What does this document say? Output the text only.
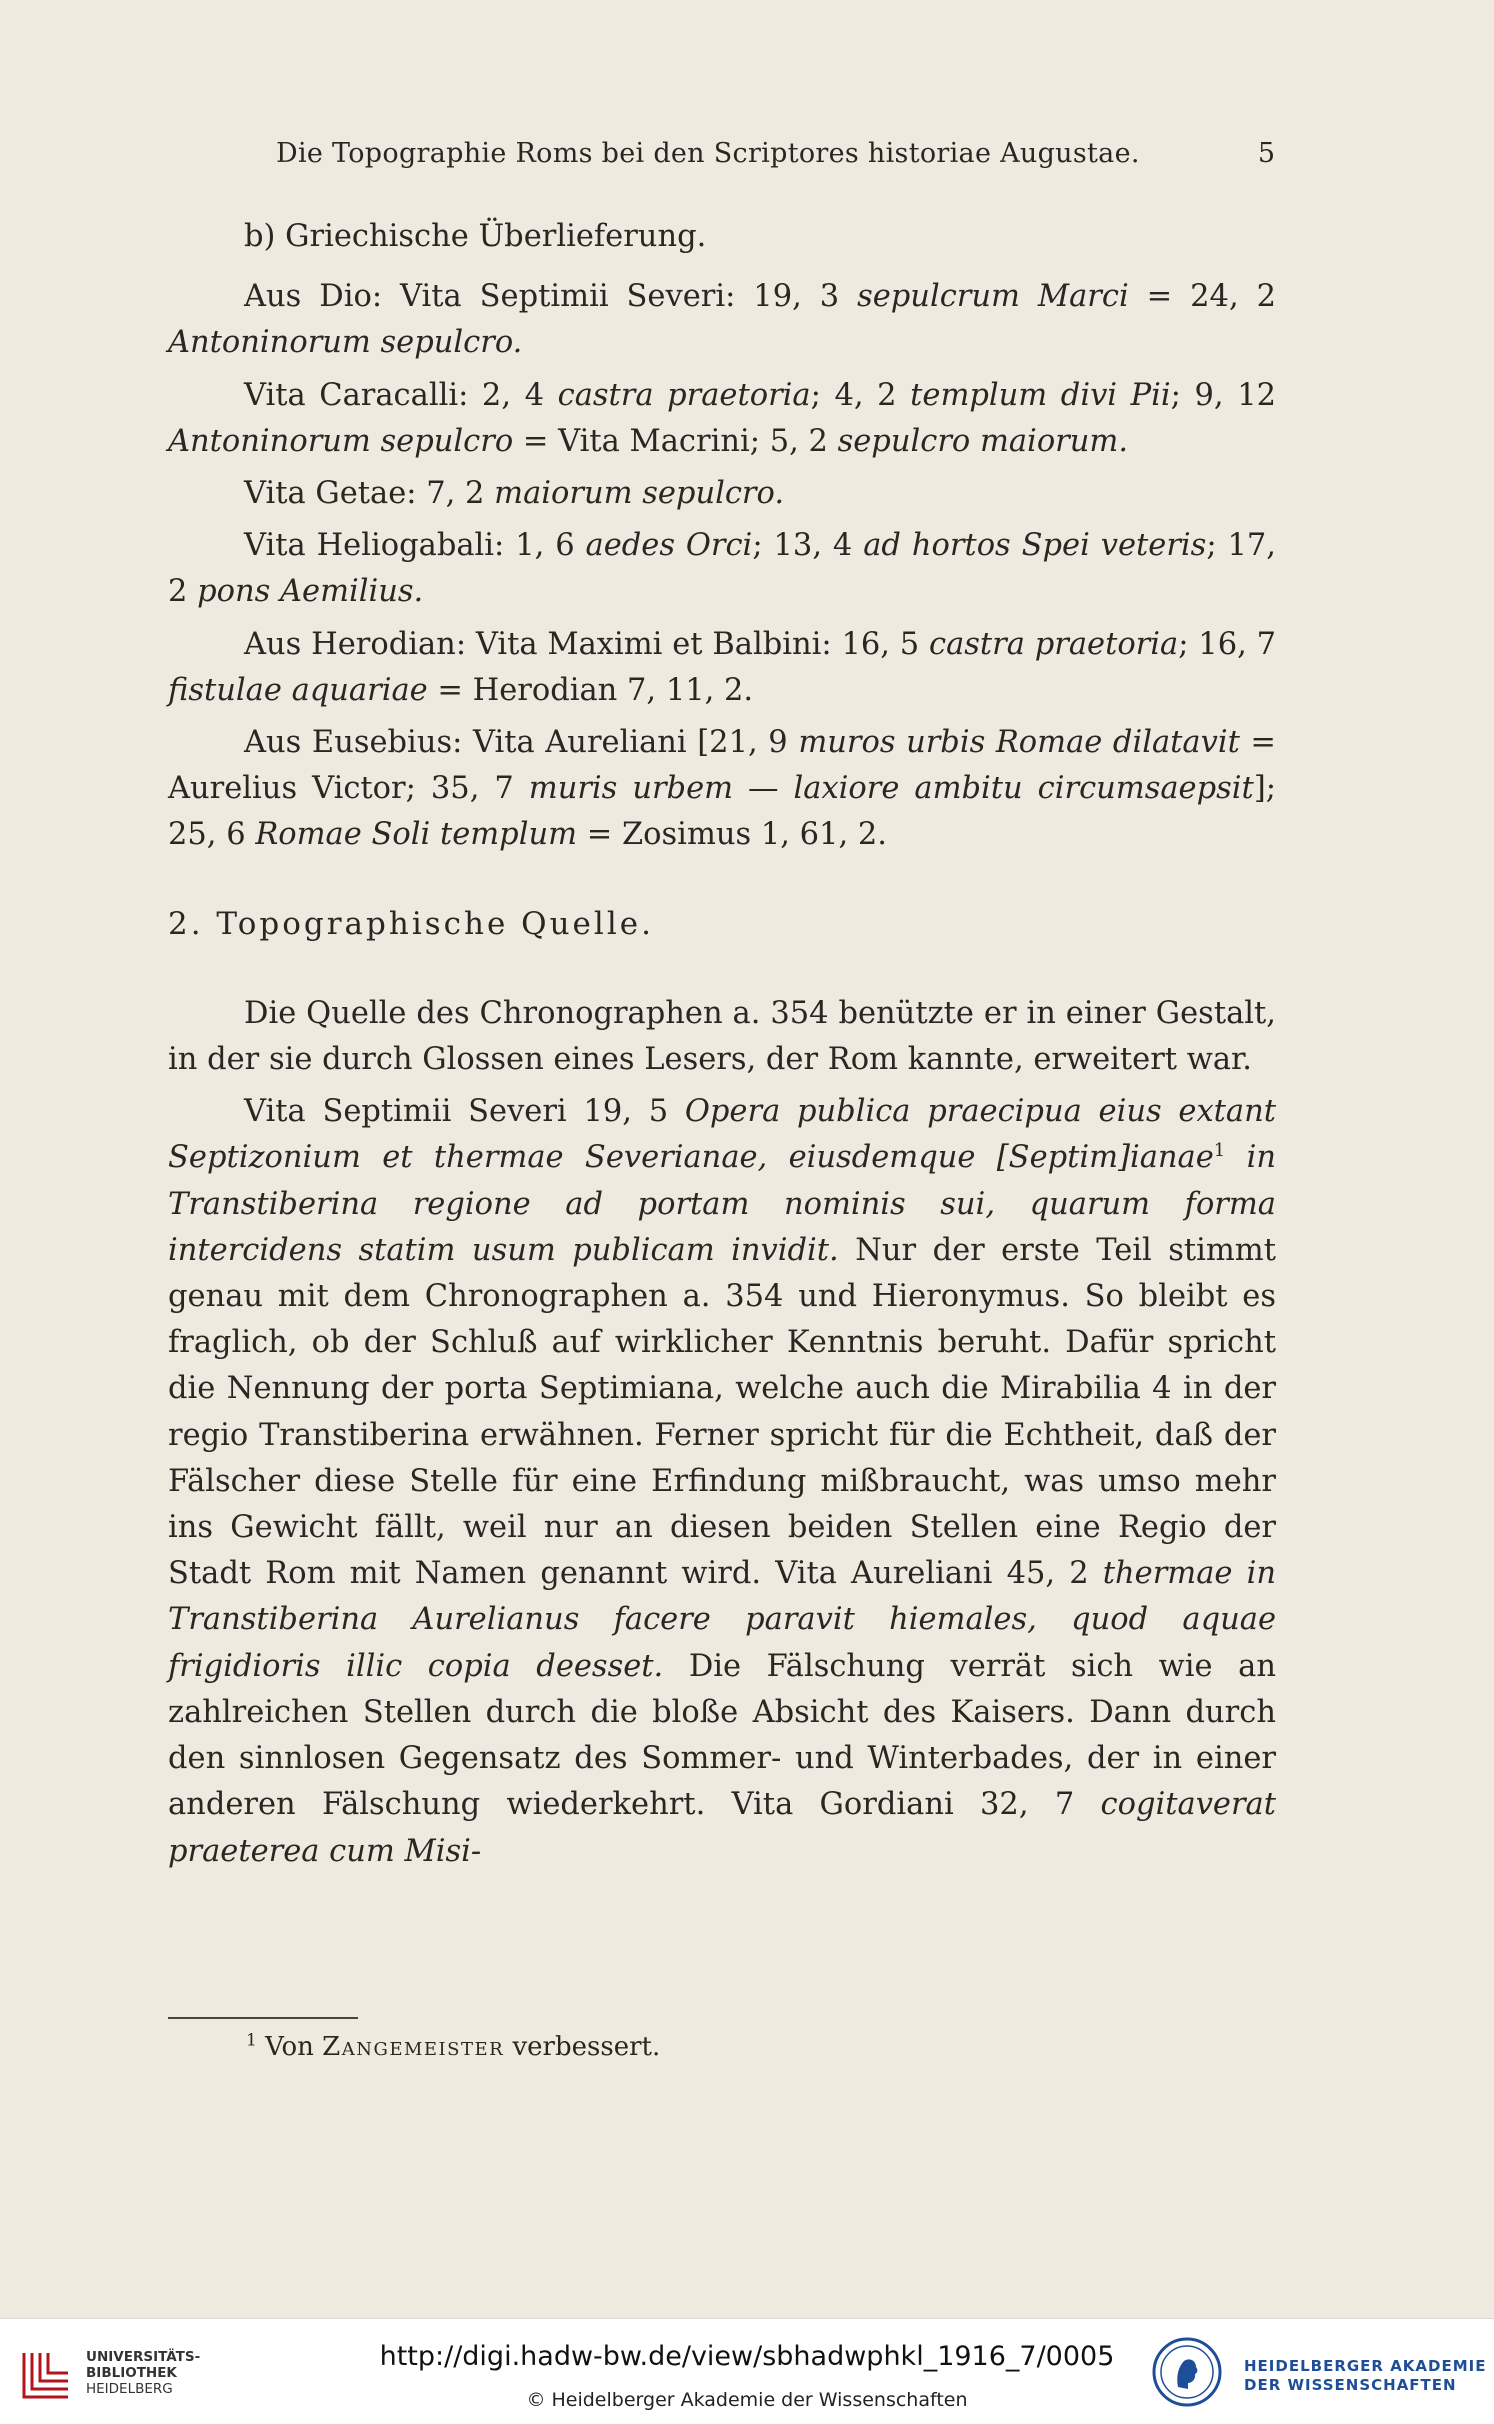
Die Topographie Roms bei den Scriptores historiae Augustae.	5

b) Griechische Überlieferung.

Aus Dio: Vita Septimii Severi: 19, 3 sepulcrum Marci = 24, 2 Antoninorum sepulcro.

Vita Caracalli: 2, 4 castra praetoria; 4, 2 templum divi Pii; 9, 12 Antoninorum sepulcro = Vita Macrini; 5, 2 sepulcro maiorum.

Vita Getae: 7, 2 maiorum sepulcro.

Vita Heliogabali: 1, 6 aedes Orci; 13, 4 ad hortos Spei veteris; 17, 2 pons Aemilius.

Aus Herodian: Vita Maximi et Balbini: 16, 5 castra praetoria; 16, 7 fistulae aquariae = Herodian 7, 11, 2.

Aus Eusebius: Vita Aureliani [21, 9 muros urbis Romae dilatavit = Aurelius Victor; 35, 7 muris urbem — laxiore ambitu circumsaepsit]; 25, 6 Romae Soli templum = Zosimus 1, 61, 2.

2. Topographische Quelle.

Die Quelle des Chronographen a. 354 benützte er in einer Gestalt, in der sie durch Glossen eines Lesers, der Rom kannte, erweitert war.

Vita Septimii Severi 19, 5 Opera publica praecipua eius extant Septizonium et thermae Severianae, eiusdemque [Septim]ianae$^1$ in Transtiberina regione ad portam nominis sui, quarum forma intercidens statim usum publicam invidit. Nur der erste Teil stimmt genau mit dem Chronographen a. 354 und Hieronymus. So bleibt es fraglich, ob der Schluß auf wirklicher Kenntnis beruht. Dafür spricht die Nennung der porta Septimiana, welche auch die Mirabilia 4 in der regio Transtiberina erwähnen. Ferner spricht für die Echtheit, daß der Fälscher diese Stelle für eine Erfindung mißbraucht, was umso mehr ins Gewicht fällt, weil nur an diesen beiden Stellen eine Regio der Stadt Rom mit Namen genannt wird. Vita Aureliani 45, 2 thermae in Transtiberina Aurelianus facere paravit hiemales, quod aquae frigidioris illic copia deesset. Die Fälschung verrät sich wie an zahlreichen Stellen durch die bloße Absicht des Kaisers. Dann durch den sinnlosen Gegensatz des Sommer- und Winterbades, der in einer anderen Fälschung wiederkehrt. Vita Gordiani 32, 7 cogitaverat praeterea cum Misi-

$^1$ Von Zangemeister verbessert.
UNIVERSITÄTS-
BIBLIOTHEK
HEIDELBERG
http://digi.hadw-bw.de/view/sbhadwphkl_1916_7/0005
© Heidelberger Akademie der Wissenschaften
HEIDELBERGER AKADEMIE
DER WISSENSCHAFTEN
